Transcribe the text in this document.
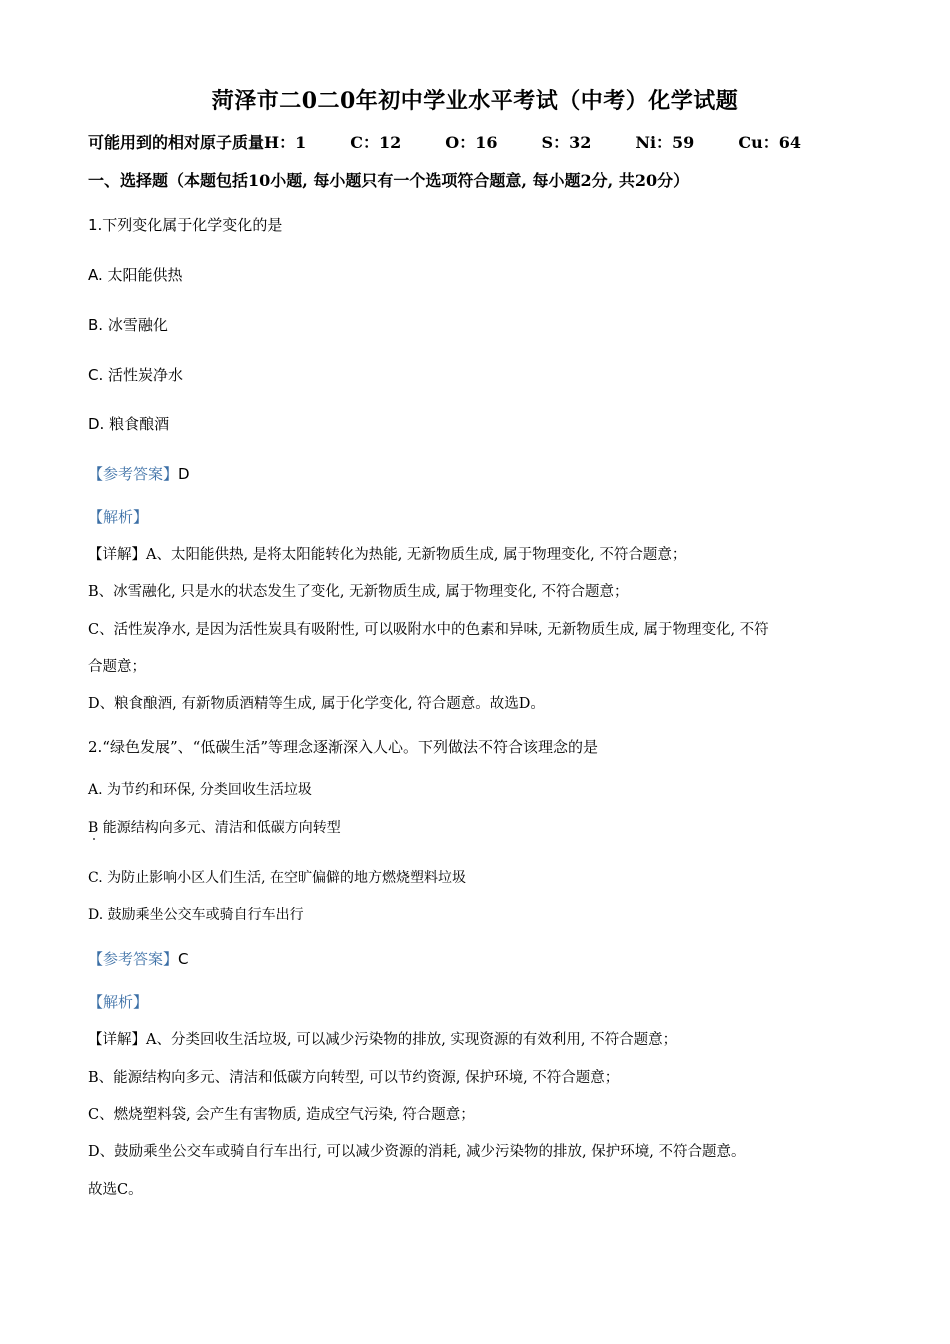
菏泽市二0二0年初中学业水平考试（中考）化学试题
可能用到的相对原子质量H：1	C：12	O：16	S：32	Ni：59	Cu：64
一、选择题（本题包括10小题, 每小题只有一个选项符合题意, 每小题2分, 共20分）
1.下列变化属于化学变化的是
A. 太阳能供热
B. 冰雪融化
C. 活性炭净水
D. 粮食酿酒
【参考答案】D
【解析】
【详解】A、太阳能供热, 是将太阳能转化为热能, 无新物质生成, 属于物理变化, 不符合题意；
B、冰雪融化, 只是水的状态发生了变化, 无新物质生成, 属于物理变化, 不符合题意；
C、活性炭净水, 是因为活性炭具有吸附性, 可以吸附水中的色素和异味, 无新物质生成, 属于物理变化, 不符
合题意；
D、粮食酿酒, 有新物质酒精等生成, 属于化学变化, 符合题意。故选D。
2.“绿色发展”、“低碳生活”等理念逐渐深入人心。下列做法不符合该理念的是
A. 为节约和环保, 分类回收生活垃圾
B 能源结构向多元、清洁和低碳方向转型
C. 为防止影响小区人们生活, 在空旷偏僻的地方燃烧塑料垃圾
D. 鼓励乘坐公交车或骑自行车出行
【参考答案】C
【解析】
【详解】A、分类回收生活垃圾, 可以减少污染物的排放, 实现资源的有效利用, 不符合题意；
B、能源结构向多元、清洁和低碳方向转型, 可以节约资源, 保护环境, 不符合题意；
C、燃烧塑料袋, 会产生有害物质, 造成空气污染, 符合题意；
D、鼓励乘坐公交车或骑自行车出行, 可以减少资源的消耗, 减少污染物的排放, 保护环境, 不符合题意。
故选C。
